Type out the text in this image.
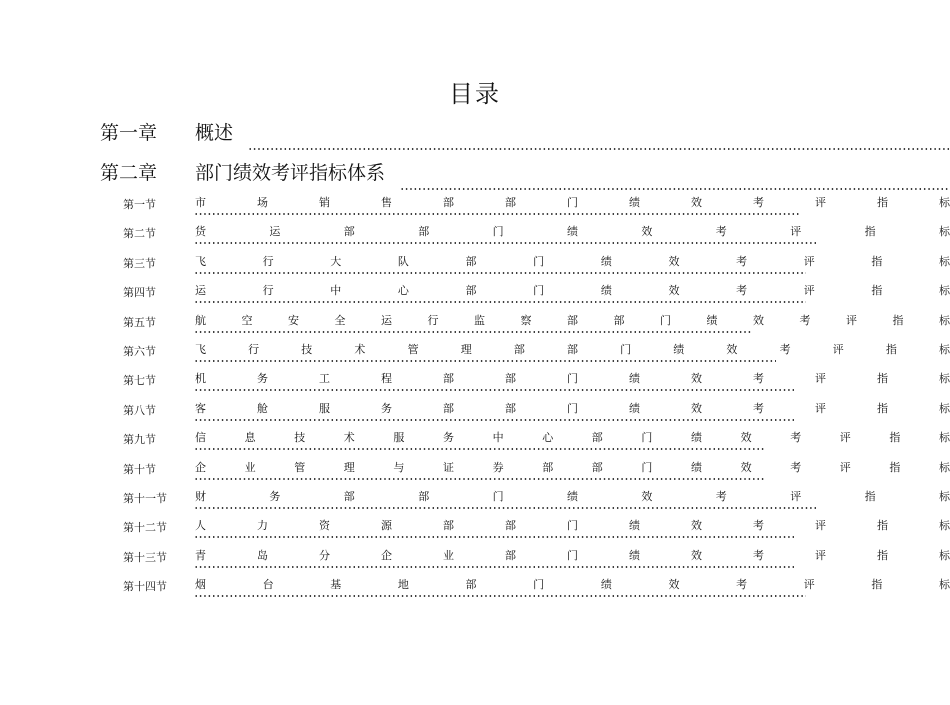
目录
第一章 概述
第二章 部门绩效考评指标体系
第一节	市 场 销 售 部 部 门 绩 效 考 评 指 标
第二节	货 运 部 部 门 绩 效 考 评 指 标
第三节	飞 行 大 队 部 门 绩 效 考 评 指 标
第四节	运 行 中 心 部 门 绩 效 考 评 指 标
第五节	航 空 安 全 运 行 监 察 部 部 门 绩 效 考 评 指 标
第六节	飞 行 技 术 管 理 部 部 门 绩 效 考 评 指 标
第七节	机 务 工 程 部 部 门 绩 效 考 评 指 标
第八节	客 舱 服 务 部 部 门 绩 效 考 评 指 标
第九节	信 息 技 术 服 务 中 心 部 门 绩 效 考 评 指 标
第十节	企 业 管 理 与 证 券 部 部 门 绩 效 考 评 指 标
第十一节	财 务 部 部 门 绩 效 考 评 指 标
第十二节	人 力 资 源 部 部 门 绩 效 考 评 指 标
第十三节	青 岛 分 企 业 部 门 绩 效 考 评 指 标
第十四节	烟 台 基 地 部 门 绩 效 考 评 指 标
